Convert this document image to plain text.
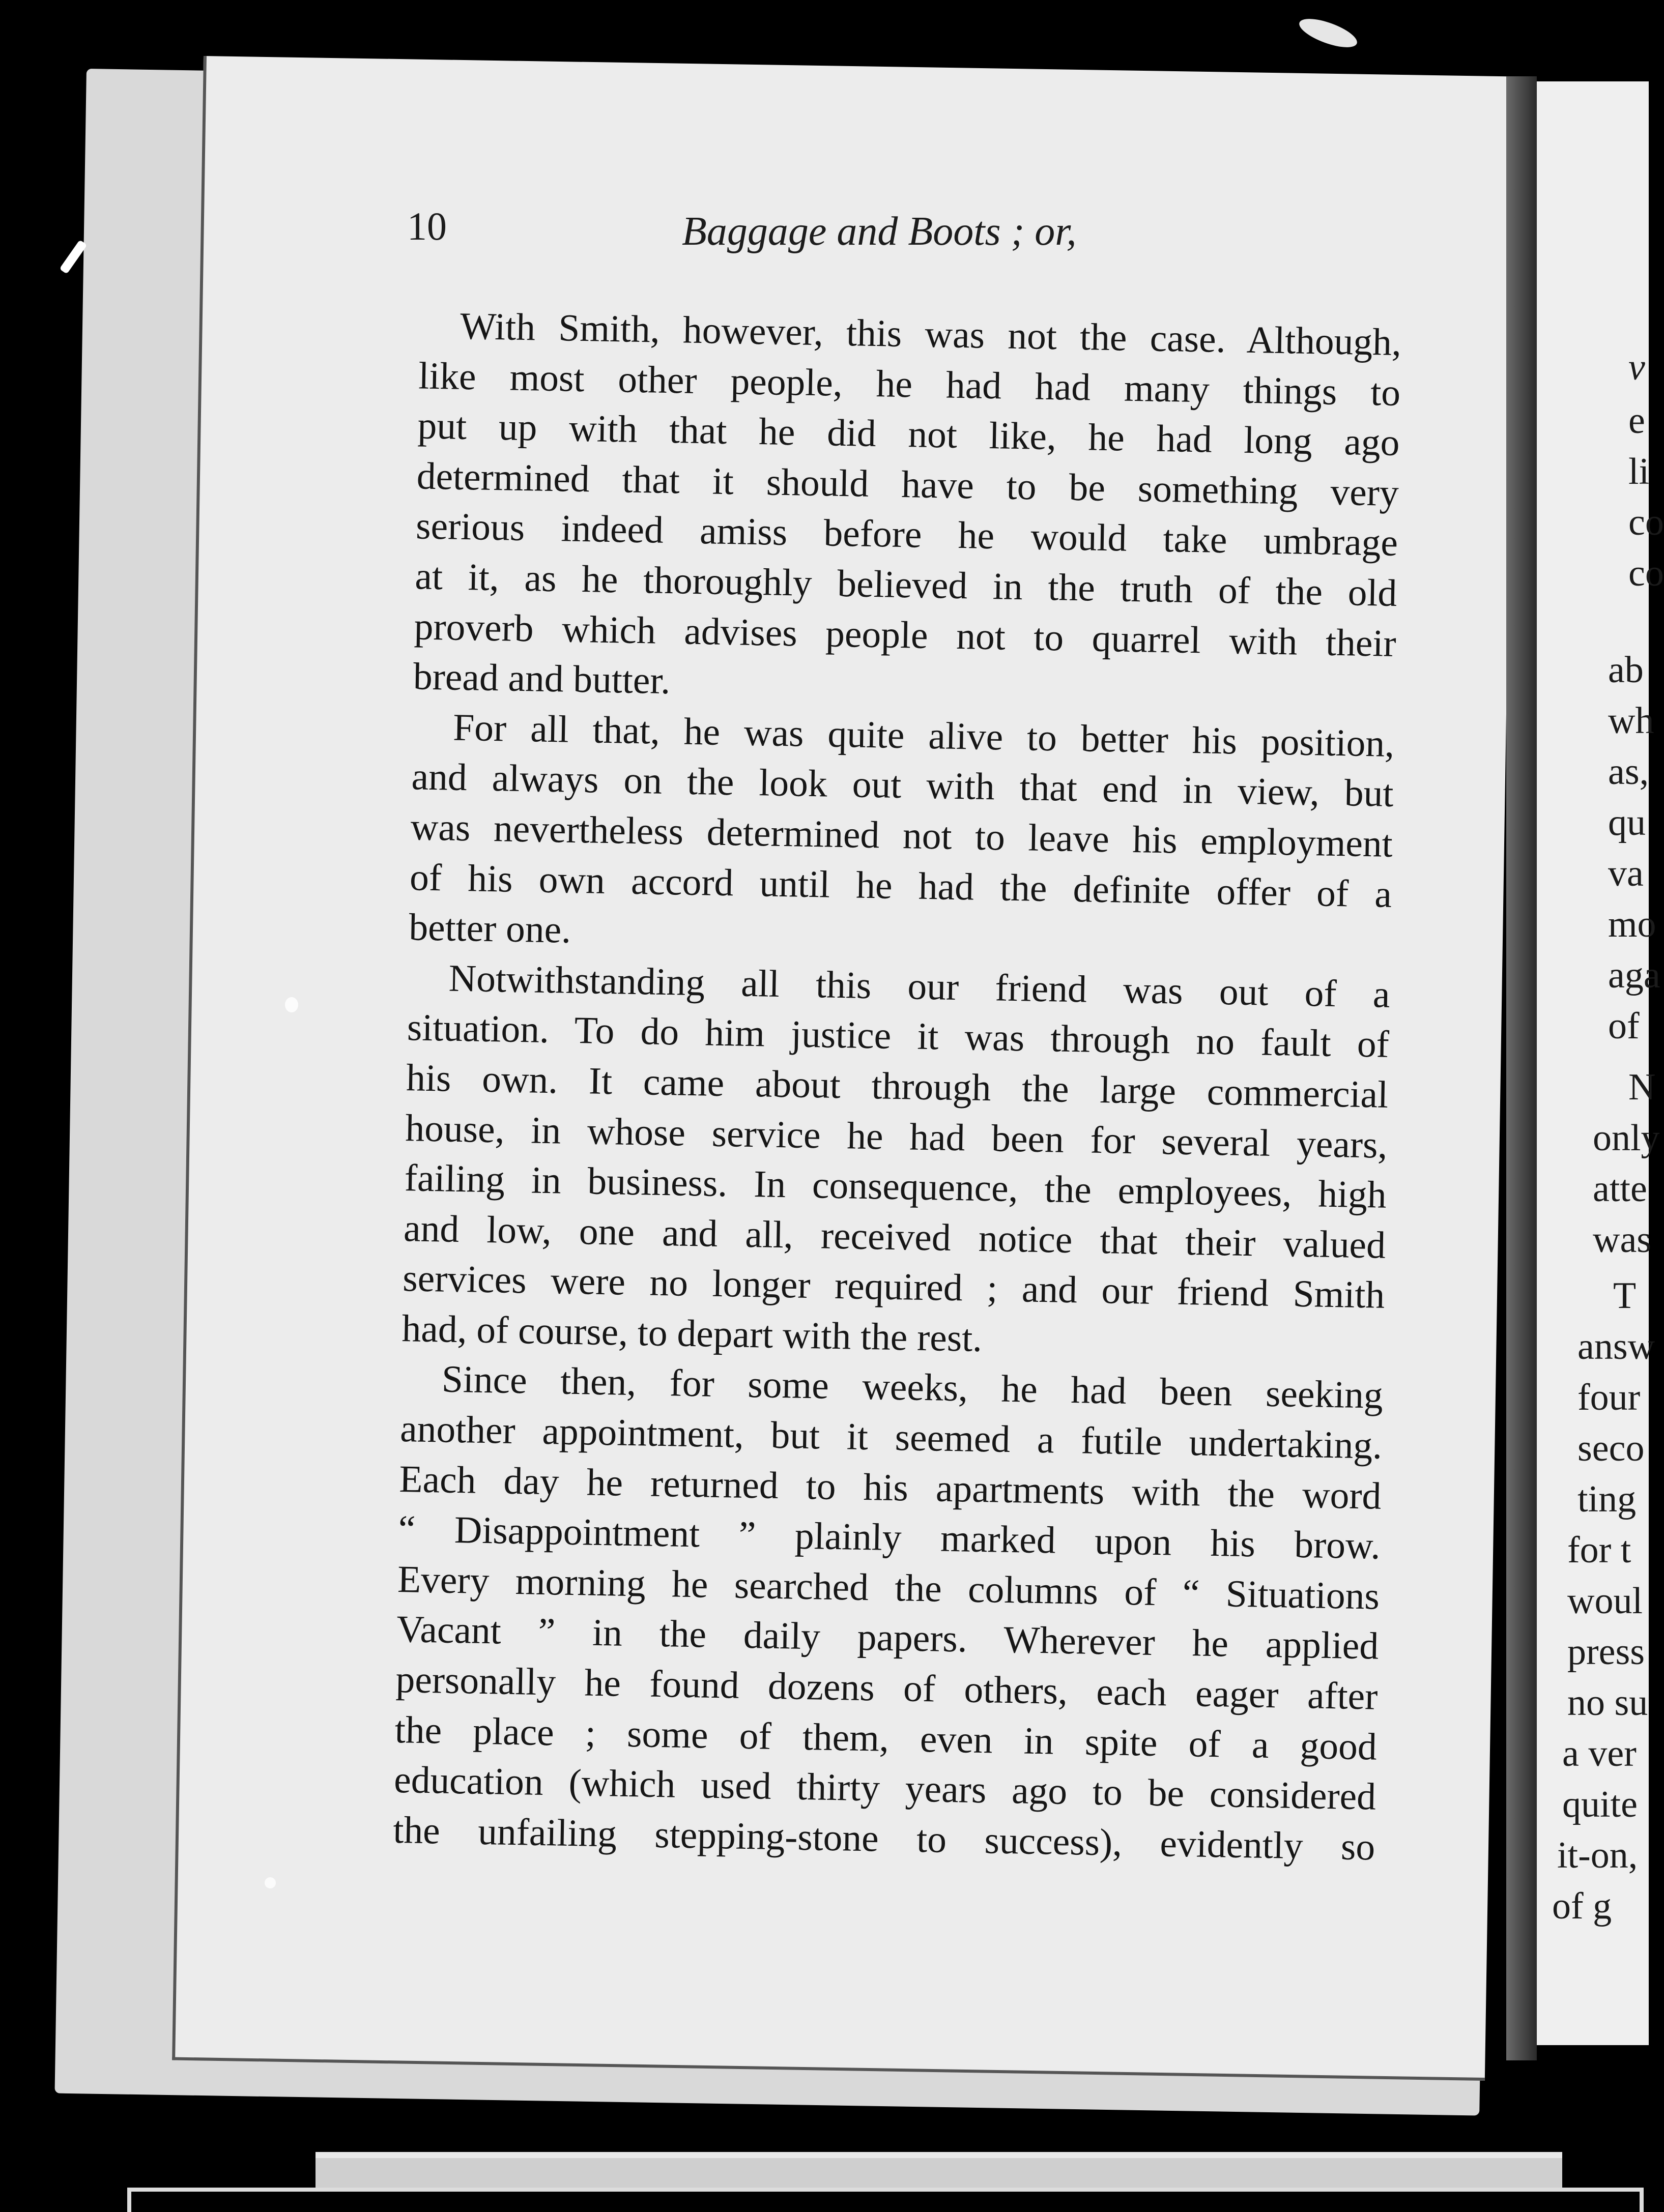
v
e
li
co
co
ab
wh
as,
qu
va
mo
aga
of
N
only
atte
was
T
answ
four
seco
ting
for t
woul
press
no su
a ver
quite
it-on,
of g
10	Baggage and Boots ; or,

With Smith, however, this was not the case. Although,
like most other people, he had had many things to
put up with that he did not like, he had long ago
determined that it should have to be something very
serious indeed amiss before he would take umbrage
at it, as he thoroughly believed in the truth of the old
proverb which advises people not to quarrel with their
bread and butter.

For all that, he was quite alive to better his position,
and always on the look out with that end in view, but
was nevertheless determined not to leave his employment
of his own accord until he had the definite offer of a
better one.

Notwithstanding all this our friend was out of a
situation. To do him justice it was through no fault of
his own. It came about through the large commercial
house, in whose service he had been for several years,
failing in business. In consequence, the employees, high
and low, one and all, received notice that their valued
services were no longer required ; and our friend Smith
had, of course, to depart with the rest.

Since then, for some weeks, he had been seeking
another appointment, but it seemed a futile undertaking.
Each day he returned to his apartments with the word
“ Disappointment ” plainly marked upon his brow.
Every morning he searched the columns of “ Situations
Vacant ” in the daily papers. Wherever he applied
personally he found dozens of others, each eager after
the place ; some of them, even in spite of a good
education (which used thirty years ago to be considered
the unfailing stepping-stone to success), evidently so
